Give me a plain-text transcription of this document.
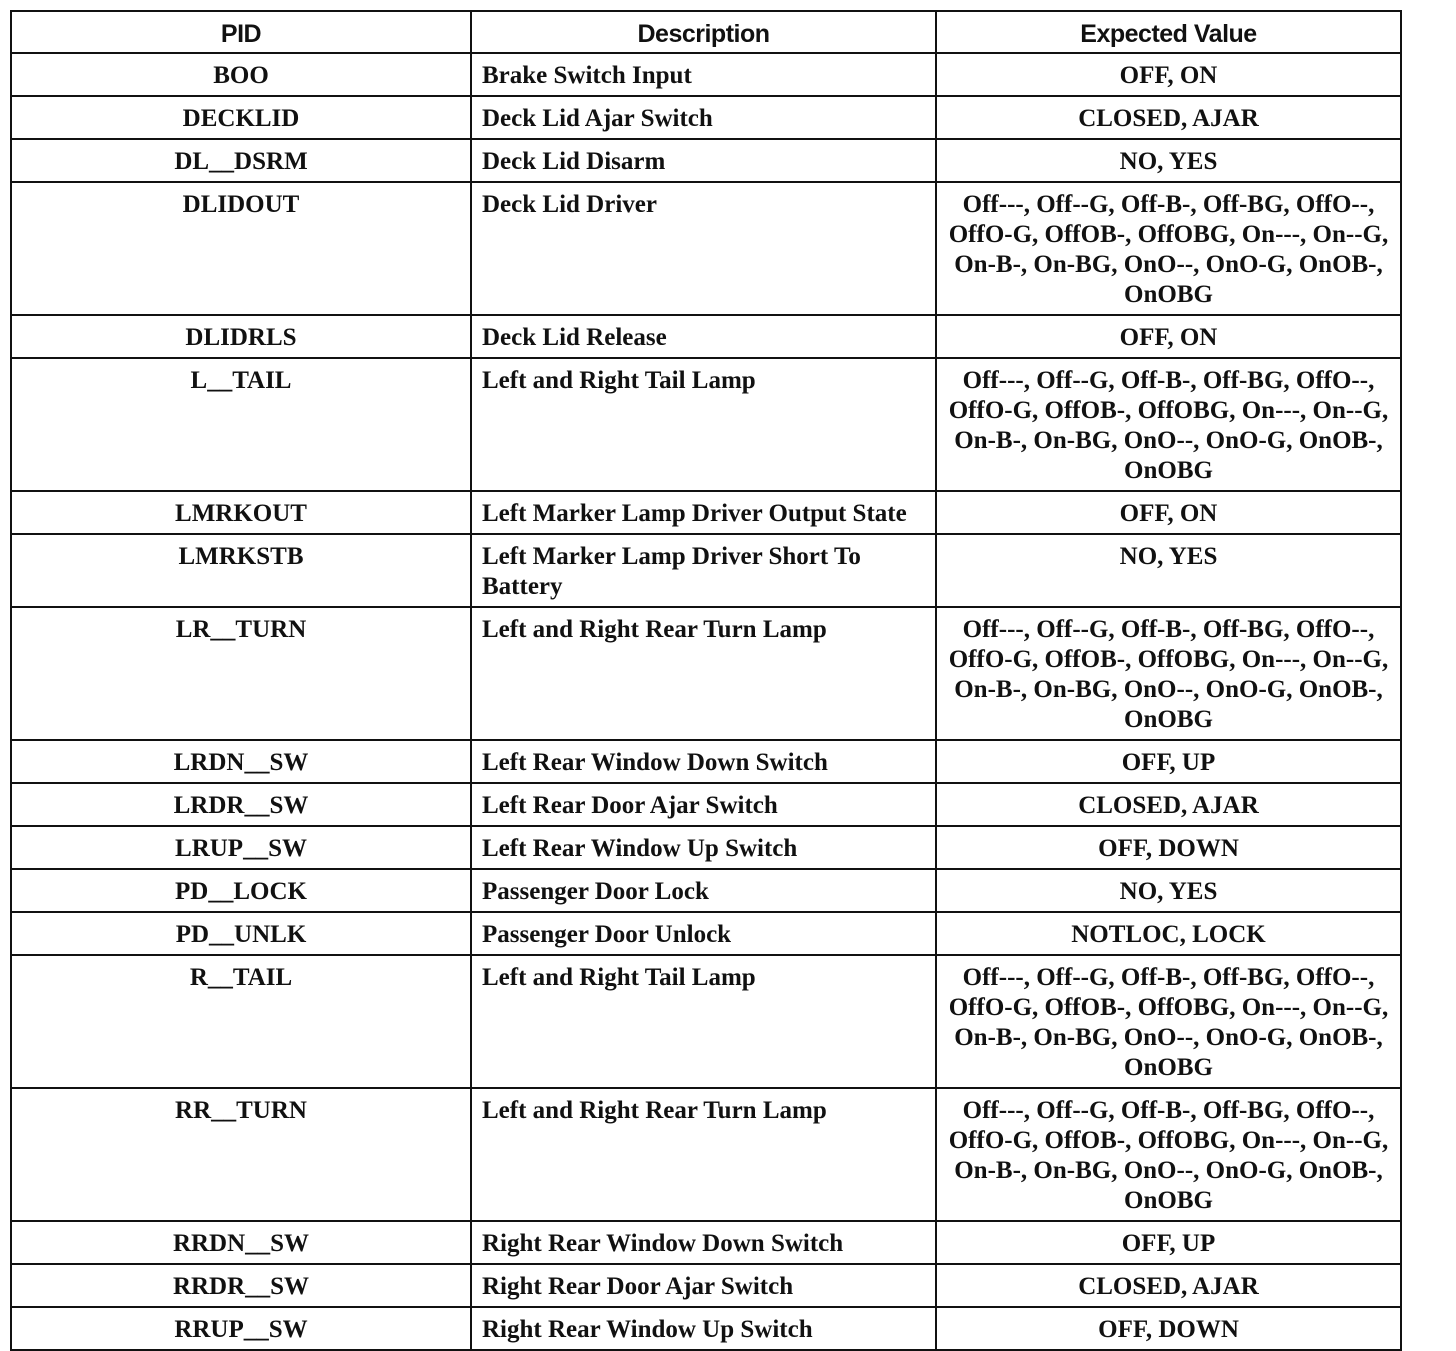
PID	Description	Expected Value
BOO	Brake Switch Input	OFF, ON
DECKLID	Deck Lid Ajar Switch	CLOSED, AJAR
DL__DSRM	Deck Lid Disarm	NO, YES
DLIDOUT	Deck Lid Driver	Off---, Off--G, Off-B-, Off-BG, OffO--, OffO-G, OffOB-, OffOBG, On---, On--G, On-B-, On-BG, OnO--, OnO-G, OnOB-, OnOBG
DLIDRLS	Deck Lid Release	OFF, ON
L__TAIL	Left and Right Tail Lamp	Off---, Off--G, Off-B-, Off-BG, OffO--, OffO-G, OffOB-, OffOBG, On---, On--G, On-B-, On-BG, OnO--, OnO-G, OnOB-, OnOBG
LMRKOUT	Left Marker Lamp Driver Output State	OFF, ON
LMRKSTB	Left Marker Lamp Driver Short To Battery	NO, YES
LR__TURN	Left and Right Rear Turn Lamp	Off---, Off--G, Off-B-, Off-BG, OffO--, OffO-G, OffOB-, OffOBG, On---, On--G, On-B-, On-BG, OnO--, OnO-G, OnOB-, OnOBG
LRDN__SW	Left Rear Window Down Switch	OFF, UP
LRDR__SW	Left Rear Door Ajar Switch	CLOSED, AJAR
LRUP__SW	Left Rear Window Up Switch	OFF, DOWN
PD__LOCK	Passenger Door Lock	NO, YES
PD__UNLK	Passenger Door Unlock	NOTLOC, LOCK
R__TAIL	Left and Right Tail Lamp	Off---, Off--G, Off-B-, Off-BG, OffO--, OffO-G, OffOB-, OffOBG, On---, On--G, On-B-, On-BG, OnO--, OnO-G, OnOB-, OnOBG
RR__TURN	Left and Right Rear Turn Lamp	Off---, Off--G, Off-B-, Off-BG, OffO--, OffO-G, OffOB-, OffOBG, On---, On--G, On-B-, On-BG, OnO--, OnO-G, OnOB-, OnOBG
RRDN__SW	Right Rear Window Down Switch	OFF, UP
RRDR__SW	Right Rear Door Ajar Switch	CLOSED, AJAR
RRUP__SW	Right Rear Window Up Switch	OFF, DOWN
